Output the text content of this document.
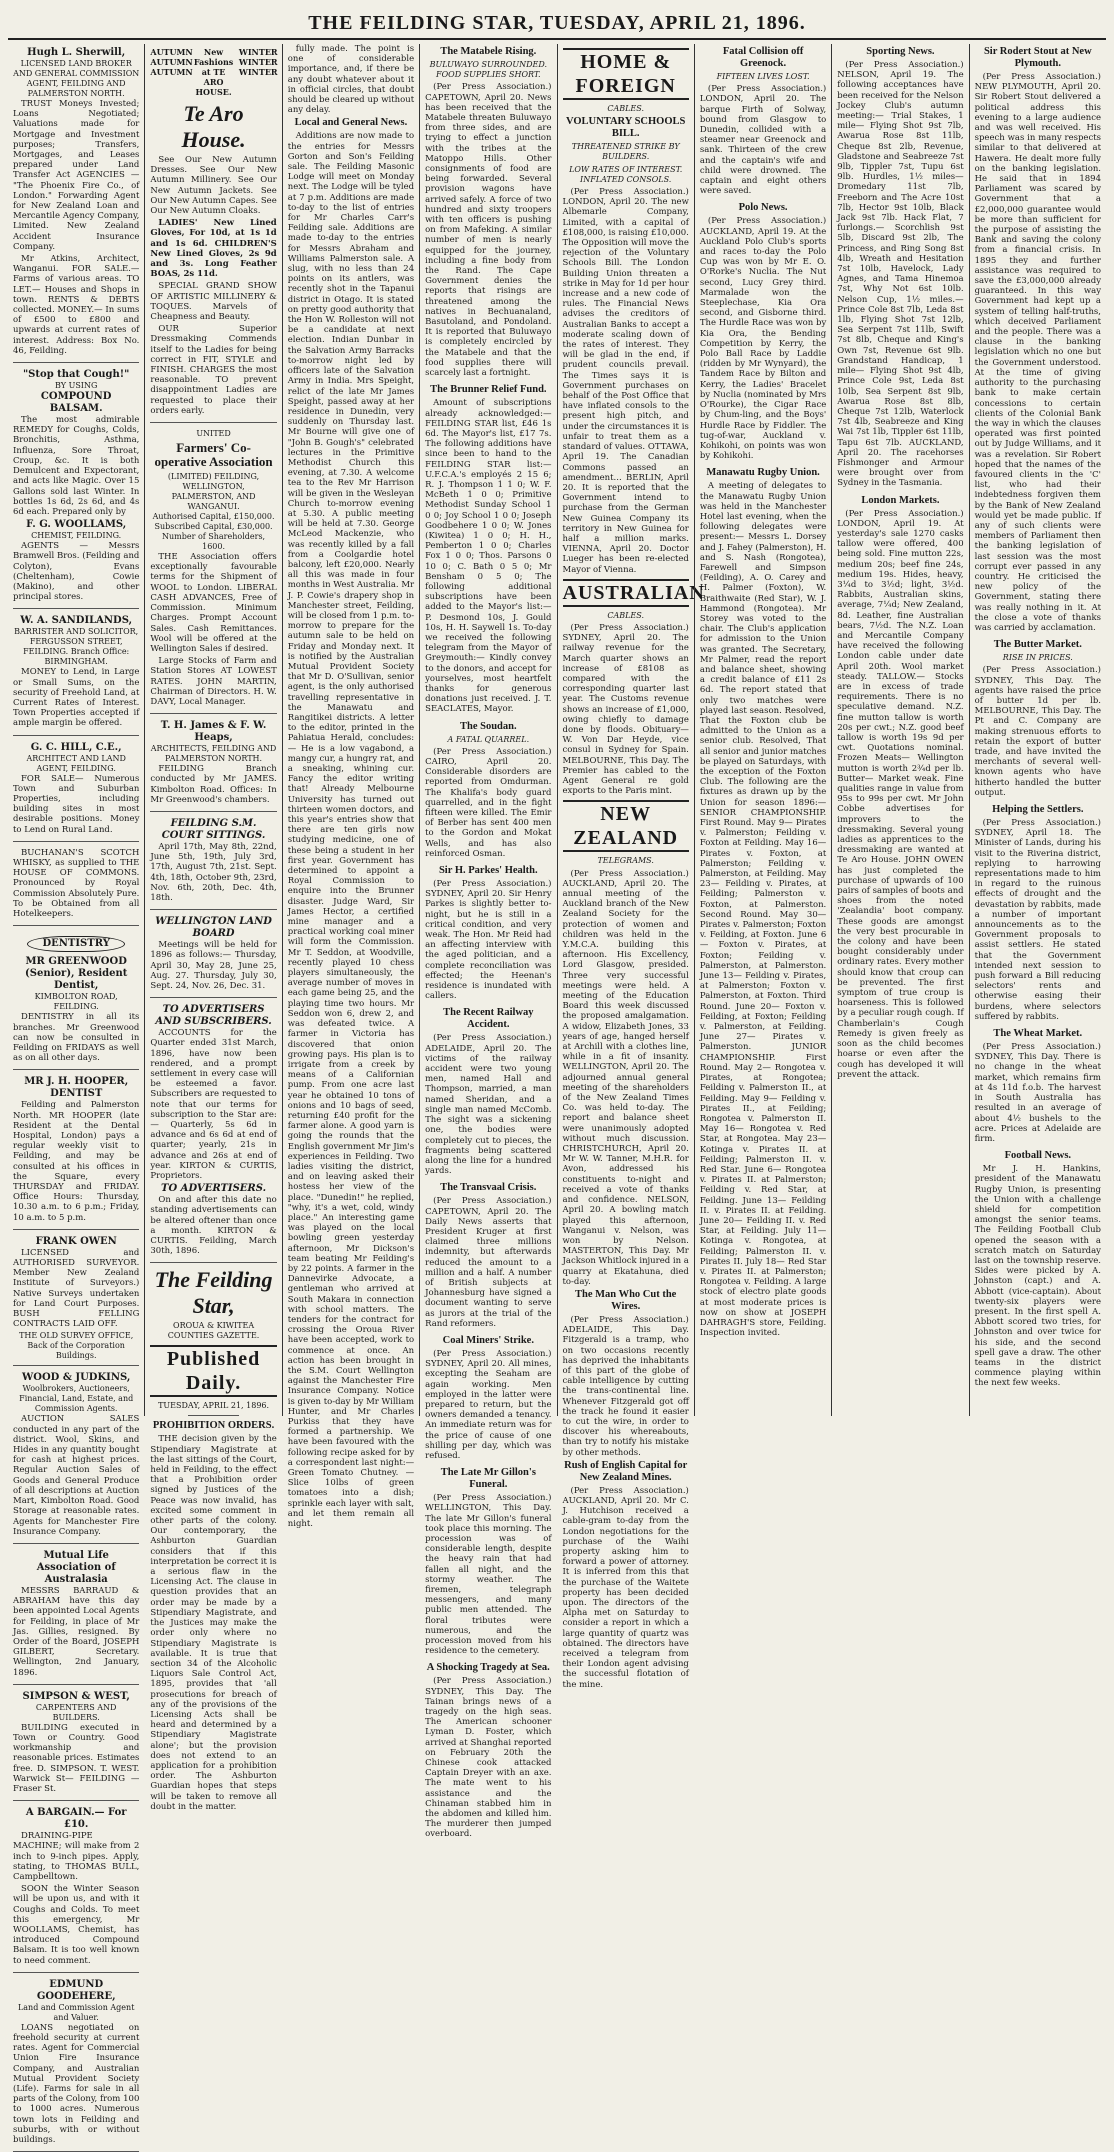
THE FEILDING STAR, TUESDAY, APRIL 21, 1896.
Hugh L. Sherwill,
LICENSED LAND BROKER AND GENERAL COMMISSION AGENT, FEILDING AND PALMERSTON NORTH.

TRUST Moneys Invested; Loans Negotiated; Valuations made for Mortgage and Investment purposes; Transfers, Mortgages, and Leases prepared under Land Transfer Act AGENCIES — "The Phoenix Fire Co., of London." Forwarding Agent for New Zealand Loan and Mercantile Agency Company, Limited. New Zealand Accident Insurance Company.

Mr Atkins, Architect, Wanganui. FOR SALE.— Farms of various areas. TO LET.— Houses and Shops in town. RENTS & DEBTS collected. MONEY.— In sums of £500 to £800 and upwards at current rates of interest. Address: Box No. 46, Feilding.

"Stop that Cough!"
BY USING
COMPOUND BALSAM.

The most admirable REMEDY for Coughs, Colds, Bronchitis, Asthma, Influenza, Sore Throat, Croup, &c. It is both Demulcent and Expectorant, and acts like Magic. Over 15 Gallons sold last Winter. In bottles 1s 6d, 2s 6d, and 4s 6d each. Prepared only by

F. G. WOOLLAMS,
CHEMIST, FEILDING.

AGENTS — Messrs Bramwell Bros. (Feilding and Colyton), Evans (Cheltenham), Cowie (Makino), and other principal stores.

W. A. SANDILANDS,
BARRISTER AND SOLICITOR, FERGUSSON STREET, FEILDING. Branch Office: BIRMINGHAM.

MONEY to Lend, in Large or Small Sums, on the security of Freehold Land, at Current Rates of Interest. Town Properties accepted if ample margin be offered.

G. C. HILL, C.E.,
ARCHITECT AND LAND AGENT, FEILDING.

FOR SALE— Numerous Town and Suburban Properties, including building sites in most desirable positions. Money to Lend on Rural Land.

BUCHANAN'S SCOTCH WHISKY, as supplied to THE HOUSE OF COMMONS. Pronounced by Royal Commission Absolutely Pure. To be Obtained from all Hotelkeepers.

DENTISTRY
MR GREENWOOD (Senior), Resident Dentist,
KIMBOLTON ROAD, FEILDING.

DENTISTRY in all its branches. Mr Greenwood can now be consulted in Feilding on FRIDAYS as well as on all other days.

MR J. H. HOOPER, DENTIST

Feilding and Palmerston North. MR HOOPER (late Resident at the Dental Hospital, London) pays a regular weekly visit to Feilding, and may be consulted at his offices in the Square, every THURSDAY and FRIDAY. Office Hours: Thursday, 10.30 a.m. to 6 p.m.; Friday, 10 a.m. to 5 p.m.

FRANK OWEN

LICENSED and AUTHORISED SURVEYOR. Member New Zealand Institute of Surveyors.) Native Surveys undertaken for Land Court Purposes. BUSH FELLING CONTRACTS LAID OFF.

THE OLD SURVEY OFFICE, Back of the Corporation Buildings.
WOOD & JUDKINS,
Woolbrokers, Auctioneers, Financial, Land, Estate, and Commission Agents.

AUCTION SALES conducted in any part of the district. Wool, Skins, and Hides in any quantity bought for cash at highest prices. Regular Auction Sales of Goods and General Produce of all descriptions at Auction Mart, Kimbolton Road. Good Storage at reasonable rates. Agents for Manchester Fire Insurance Company.

Mutual Life Association of Australasia

MESSRS BARRAUD & ABRAHAM have this day been appointed Local Agents for Feilding, in place of Mr Jas. Gillies, resigned. By Order of the Board, JOSEPH GILBERT, Secretary. Wellington, 2nd January, 1896.

SIMPSON & WEST,
CARPENTERS AND BUILDERS.

BUILDING executed in Town or Country. Good workmanship and reasonable prices. Estimates free. D. SIMPSON. T. WEST. Warwick St— FEILDING — Fraser St.

A BARGAIN.— For £10.

DRAINING-PIPE MACHINE; will make from 2 inch to 9-inch pipes. Apply, stating, to THOMAS BULL, Campbelltown.

SOON the Winter Season will be upon us, and with it Coughs and Colds. To meet this emergency, Mr WOOLLAMS, Chemist, has introduced Compound Balsam. It is too well known to need comment.

EDMUND GOODEHERE,
Land and Commission Agent and Valuer.

LOANS negotiated on freehold security at current rates. Agent for Commercial Union Fire Insurance Company, and Australian Mutual Provident Society (Life). Farms for sale in all parts of the Colony, from 100 to 1000 acres. Numerous town lots in Feilding and suburbs, with or without buildings.

AUTUMN AUTUMN AUTUMN
New Fashions at TE ARO HOUSE.
WINTER WINTER WINTER
Te Aro House.

See Our New Autumn Dresses. See Our New Autumn Millinery. See Our New Autumn Jackets. See Our New Autumn Capes. See Our New Autumn Cloaks.

LADIES' New Lined Gloves, For 10d, at 1s 1d and 1s 6d. CHILDREN'S New Lined Gloves, 2s 9d and 3s. Long Feather BOAS, 2s 11d.

SPECIAL GRAND SHOW OF ARTISTIC MILLINERY & TOQUES. Marvels of Cheapness and Beauty.

OUR Superior Dressmaking Commends itself to the Ladies for being correct in FIT, STYLE and FINISH. CHARGES the most reasonable. TO prevent disappointment Ladies are requested to place their orders early.

UNITED
Farmers' Co-operative Association
(LIMITED) FEILDING, WELLINGTON, PALMERSTON, AND WANGANUI.
Authorised Capital, £150,000. Subscribed Capital, £30,000. Number of Shareholders, 1600.

THE Association offers exceptionally favourable terms for the Shipment of WOOL to London. LIBERAL CASH ADVANCES, Free of Commission. Minimum Charges. Prompt Account Sales. Cash Remittances. Wool will be offered at the Wellington Sales if desired.

Large Stocks of Farm and Station Stores AT LOWEST RATES. JOHN MARTIN, Chairman of Directors. H. W. DAVY, Local Manager.

T. H. James & F. W. Heaps,
ARCHITECTS, FEILDING AND PALMERSTON NORTH.

FEILDING Branch conducted by Mr JAMES. Kimbolton Road. Offices: In Mr Greenwood's chambers.

FEILDING S.M. COURT SITTINGS.

April 17th, May 8th, 22nd, June 5th, 19th, July 3rd, 17th, August 7th, 21st. Sept. 4th, 18th, October 9th, 23rd, Nov. 6th, 20th, Dec. 4th, 18th.

WELLINGTON LAND BOARD

Meetings will be held for 1896 as follows:— Thursday, April 30, May 28, June 25, Aug. 27. Thursday, July 30, Sept. 24, Nov. 26, Dec. 31.

TO ADVERTISERS AND SUBSCRIBERS.

ACCOUNTS for the Quarter ended 31st March, 1896, have now been rendered, and a prompt settlement in every case will be esteemed a favor. Subscribers are requested to note that our terms for subscription to the Star are:— Quarterly, 5s 6d in advance and 6s 6d at end of quarter; yearly, 21s in advance and 26s at end of year. KIRTON & CURTIS, Proprietors.

TO ADVERTISERS.

On and after this date no standing advertisements can be altered oftener than once a month. KIRTON & CURTIS. Feilding, March 30th, 1896.

The Feilding Star,
OROUA & KIWITEA COUNTIES GAZETTE.
Published Daily.
TUESDAY, APRIL 21, 1896.
PROHIBITION ORDERS.

THE decision given by the Stipendiary Magistrate at the last sittings of the Court, held in Feilding, to the effect that a Prohibition order signed by Justices of the Peace was now invalid, has excited some comment in other parts of the colony. Our contemporary, the Ashburton Guardian considers that if this interpretation be correct it is a serious flaw in the Licensing Act. The clause in question provides that an order may be made by a Stipendiary Magistrate, and the Justices may make the order only where no Stipendiary Magistrate is available. It is true that section 34 of the Alcoholic Liquors Sale Control Act, 1895, provides that 'all prosecutions for breach of any of the provisions of the Licensing Acts shall be heard and determined by a Stipendiary Magistrate alone'; but the provision does not extend to an application for a prohibition order. The Ashburton Guardian hopes that steps will be taken to remove all doubt in the matter.

fully made. The point is one of considerable importance, and, if there be any doubt whatever about it in official circles, that doubt should be cleared up without any delay.

Local and General News.

Additions are now made to the entries for Messrs Gorton and Son's Feilding sale. The Feilding Masonic Lodge will meet on Monday next. The Lodge will be tyled at 7 p.m. Additions are made to-day to the list of entries for Mr Charles Carr's Feilding sale. Additions are made to-day to the entries for Messrs Abraham and Williams Palmerston sale. A slug, with no less than 24 points on its antlers, was recently shot in the Tapanui district in Otago. It is stated on pretty good authority that the Hon W. Rolleston will not be a candidate at next election. Indian Dunbar in the Salvation Army Barracks to-morrow night led by officers late of the Salvation Army in India. Mrs Speight, relict of the late Mr James Speight, passed away at her residence in Dunedin, very suddenly on Thursday last. Mr Bourne will give one of "John B. Gough's" celebrated lectures in the Primitive Methodist Church this evening, at 7.30. A welcome tea to the Rev Mr Harrison will be given in the Wesleyan Church to-morrow evening at 5.30. A public meeting will be held at 7.30. George McLeod Mackenzie, who was recently killed by a fall from a Coolgardie hotel balcony, left £20,000. Nearly all this was made in four months in West Australia. Mr J. P. Cowie's drapery shop in Manchester street, Feilding, will be closed from 1 p.m. to-morrow to prepare for the autumn sale to be held on Friday and Monday next. It is notified by the Australian Mutual Provident Society that Mr D. O'Sullivan, senior agent, is the only authorised travelling representative in the Manawatu and Rangitikei districts. A letter to the editor, printed in the Pahiatua Herald, concludes:— He is a low vagabond, a mangy cur, a hungry rat, and a sneaking, whining cur. Fancy the editor writing that! Already Melbourne University has turned out thirteen women doctors, and this year's entries show that there are ten girls now studying medicine, one of these being a student in her first year. Government has determined to appoint a Royal Commission to enquire into the Brunner disaster. Judge Ward, Sir James Hector, a certified mine manager and a practical working coal miner will form the Commission. Mr T. Seddon, at Woodville, recently played 10 chess players simultaneously, the average number of moves in each game being 25, and the playing time two hours. Mr Seddon won 6, drew 2, and was defeated twice. A farmer in Victoria has discovered that onion growing pays. His plan is to irrigate from a creek by means of a Californian pump. From one acre last year he obtained 10 tons of onions and 10 bags of seed, returning £40 profit for the farmer alone. A good yarn is going the rounds that the English government Mr Jim's experiences in Feilding. Two ladies visiting the district, and on leaving asked their hostess her view of the place. "Dunedin!" he replied, "why, it's a wet, cold, windy place." An interesting game was played on the local bowling green yesterday afternoon, Mr Dickson's team beating Mr Feilding's by 22 points. A farmer in the Dannevirke Advocate, a gentleman who arrived at South Makara in connection with school matters. The tenders for the contract for crossing the Oroua River have been accepted, work to commence at once. An action has been brought in the S.M. Court Wellington against the Manchester Fire Insurance Company. Notice is given to-day by Mr William Hunter, and Mr Charles Purkiss that they have formed a partnership. We have been favoured with the following recipe asked for by a correspondent last night:— Green Tomato Chutney. — Slice 10lbs of green tomatoes into a dish; sprinkle each layer with salt, and let them remain all night.

The Matabele Rising.
BULUWAYO SURROUNDED. FOOD SUPPLIES SHORT.

(Per Press Association.) CAPETOWN, April 20. News has been received that the Matabele threaten Buluwayo from three sides, and are trying to effect a junction with the tribes at the Matoppo Hills. Other consignments of food are being forwarded. Several provision wagons have arrived safely. A force of two hundred and sixty troopers with ten officers is pushing on from Mafeking. A similar number of men is nearly equipped for the journey, including a fine body from the Rand. The Cape Government denies the reports that risings are threatened among the natives in Bechuanaland, Basutoland, and Pondoland. It is reported that Buluwayo is completely encircled by the Matabele and that the food supplies there will scarcely last a fortnight.

The Brunner Relief Fund.

Amount of subscriptions already acknowledged:— FEILDING STAR list, £46 1s 6d. The Mayor's list, £17 7s. The following additions have since been to hand to the FEILDING STAR list:— U.F.C.A.'s employés 2 15 6; R. J. Thompson 1 1 0; W. F. McBeth 1 0 0; Primitive Methodist Sunday School 1 0 0; Joy School 1 0 0; Joseph Goodbehere 1 0 0; W. Jones (Kiwitea) 1 0 0; H. H., Pemberton 1 0 0; Charles Fox 1 0 0; Thos. Parsons 0 10 0; C. Bath 0 5 0; Mr Bensham 0 5 0; The following additional subscriptions have been added to the Mayor's list:— P. Desmond 10s, J. Gould 10s, H. H. Saywell 1s. To-day we received the following telegram from the Mayor of Greymouth:— Kindly convey to the donors, and accept for yourselves, most heartfelt thanks for generous donations just received. J. T. SEACLATES, Mayor.

The Soudan.
A FATAL QUARREL.

(Per Press Association.) CAIRO, April 20. Considerable disorders are reported from Omdurman. The Khalifa's body guard quarrelled, and in the fight fifteen were killed. The Emir of Berber has sent 400 men to the Gordon and Mokat Wells, and has also reinforced Osman.

Sir H. Parkes' Health.

(Per Press Association.) SYDNEY, April 20. Sir Henry Parkes is slightly better to-night, but he is still in a critical condition, and very weak. The Hon. Mr Reid had an affecting interview with the aged politician, and a complete reconciliation was effected; the Heenan's residence is inundated with callers.

The Recent Railway Accident.

(Per Press Association.) ADELAIDE, April 20. The victims of the railway accident were two young men, named Hall and Thompson, married, a man named Sheridan, and a single man named McComb. The sight was a sickening one, the bodies were completely cut to pieces, the fragments being scattered along the line for a hundred yards.

The Transvaal Crisis.

(Per Press Association.) CAPETOWN, April 20. The Daily News asserts that President Kruger at first claimed three millions indemnity, but afterwards reduced the amount to a million and a half. A number of British subjects at Johannesburg have signed a document wanting to serve as jurors at the trial of the Rand reformers.

Coal Miners' Strike.

(Per Press Association.) SYDNEY, April 20. All mines, excepting the Seaham are again working. Men employed in the latter were prepared to return, but the owners demanded a tenancy. An immediate return was for the price of cause of one shilling per day, which was refused.

The Late Mr Gillon's Funeral.

(Per Press Association.) WELLINGTON, This Day. The late Mr Gillon's funeral took place this morning. The procession was of considerable length, despite the heavy rain that had fallen all night, and the stormy weather. The firemen, telegraph messengers, and many public men attended. The floral tributes were numerous, and the procession moved from his residence to the cemetery.

A Shocking Tragedy at Sea.

(Per Press Association.) SYDNEY, This Day. The Tainan brings news of a tragedy on the high seas. The American schooner Lyman D. Foster, which arrived at Shanghai reported on February 20th the Chinese cook attacked Captain Dreyer with an axe. The mate went to his assistance and the Chinaman stabbed him in the abdomen and killed him. The murderer then jumped overboard.

HOME & FOREIGN
CABLES.
VOLUNTARY SCHOOLS BILL.
THREATENED STRIKE BY BUILDERS.
LOW RATES OF INTEREST. INFLATED CONSOLS.

(Per Press Association.) LONDON, April 20. The new Albemarle Company, Limited, with a capital of £108,000, is raising £10,000. The Opposition will move the rejection of the Voluntary Schools Bill. The London Building Union threaten a strike in May for 1d per hour increase and a new code of rules. The Financial News advises the creditors of Australian Banks to accept a moderate scaling down of the rates of interest. They will be glad in the end, if prudent councils prevail. The Times says it is Government purchases on behalf of the Post Office that have inflated consols to the present high pitch, and under the circumstances it is unfair to treat them as a standard of values. OTTAWA, April 19. The Canadian Commons passed an amendment... BERLIN, April 20. It is reported that the Government intend to purchase from the German New Guinea Company its territory in New Guinea for half a million marks. VIENNA, April 20. Doctor Lueger has been re-elected Mayor of Vienna.

AUSTRALIAN
CABLES.

(Per Press Association.) SYDNEY, April 20. The railway revenue for the March quarter shows an increase of £8108 as compared with the corresponding quarter last year. The Customs revenue shows an increase of £1,000, owing chiefly to damage done by floods. Obituary— W. Von Dar Heyde, vice consul in Sydney for Spain. MELBOURNE, This Day. The Premier has cabled to the Agent General re gold exports to the Paris mint.

NEW ZEALAND
TELEGRAMS.

(Per Press Association.) AUCKLAND, April 20. The annual meeting of the Auckland branch of the New Zealand Society for the protection of women and children was held in the Y.M.C.A. building this afternoon. His Excellency, Lord Glasgow, presided. Three very successful meetings were held. A meeting of the Education Board this week discussed the proposed amalgamation. A widow, Elizabeth Jones, 33 years of age, hanged herself at Archill with a clothes line, while in a fit of insanity. WELLINGTON, April 20. The adjourned annual general meeting of the shareholders of the New Zealand Times Co. was held to-day. The report and balance sheet were unanimously adopted without much discussion. CHRISTCHURCH, April 20. Mr W. W. Tanner, M.H.R. for Avon, addressed his constituents to-night and received a vote of thanks and confidence. NELSON, April 20. A bowling match played this afternoon, Wanganui v. Nelson, was won by Nelson. MASTERTON, This Day. Mr Jackson Whitlock injured in a quarry at Ekatahuna, died to-day.

The Man Who Cut the Wires.

(Per Press Association.) ADELAIDE, This Day. Fitzgerald is a tramp, who on two occasions recently has deprived the inhabitants of this part of the globe of cable intelligence by cutting the trans-continental line. Whenever Fitzgerald got off the track he found it easier to cut the wire, in order to discover his whereabouts, than try to notify his mistake by other methods.

Rush of English Capital for New Zealand Mines.

(Per Press Association.) AUCKLAND, April 20. Mr C. J. Hutchison received a cable-gram to-day from the London negotiations for the purchase of the Waihi property asking him to forward a power of attorney. It is inferred from this that the purchase of the Waitete property has been decided upon. The directors of the Alpha met on Saturday to consider a report in which a large quantity of quartz was obtained. The directors have received a telegram from their London agent advising the successful flotation of the mine.

Fatal Collision off Greenock.
FIFTEEN LIVES LOST.

(Per Press Association.) LONDON, April 20. The barque Firth of Solway, bound from Glasgow to Dunedin, collided with a steamer near Greenock and sank. Thirteen of the crew and the captain's wife and child were drowned. The captain and eight others were saved.

Polo News.

(Per Press Association.) AUCKLAND, April 19. At the Auckland Polo Club's sports and races to-day the Polo Cup was won by Mr E. O. O'Rorke's Nuclia. The Nut second, Lucy Grey third. Marmalade won the Steeplechase, Kia Ora second, and Gisborne third. The Hurdle Race was won by Kia Ora, the Bending Competition by Kerry, the Polo Ball Race by Laddie (ridden by Mr Wynyard), the Tandem Race by Bilton and Kerry, the Ladies' Bracelet by Nuclia (nominated by Mrs O'Rourke), the Cigar Race by Chum-ling, and the Boys' Hurdle Race by Fiddler. The tug-of-war, Auckland v. Kohikohi, on points was won by Kohikohi.

Manawatu Rugby Union.

A meeting of delegates to the Manawatu Rugby Union was held in the Manchester Hotel last evening, when the following delegates were present:— Messrs L. Dorsey and J. Fahey (Palmerston), H. and S. Nash (Rongotea), Farewell and Simpson (Feilding), A. O. Carey and H. Palmer (Foxton), W. Braithwaite (Red Star), W. J. Hammond (Rongotea). Mr Storey was voted to the chair. The Club's application for admission to the Union was granted. The Secretary, Mr Palmer, read the report and balance sheet, showing a credit balance of £11 2s 6d. The report stated that only two matches were played last season. Resolved, That the Foxton club be admitted to the Union as a senior club. Resolved, That all senior and junior matches be played on Saturdays, with the exception of the Foxton Club. The following are the fixtures as drawn up by the Union for season 1896:— SENIOR CHAMPIONSHIP. First Round. May 9— Pirates v. Palmerston; Feilding v. Foxton at Feilding. May 16— Pirates v. Foxton, at Palmerston; Feilding v. Palmerston, at Feilding. May 23— Feilding v. Pirates, at Feilding; Palmerston v. Foxton, at Palmerston. Second Round. May 30— Pirates v. Palmerston; Foxton v. Feilding, at Foxton. June 6— Foxton v. Pirates, at Foxton; Feilding v. Palmerston, at Palmerston. June 13— Feilding v. Pirates, at Palmerston; Foxton v. Palmerston, at Foxton. Third Round. June 20— Foxton v. Feilding, at Foxton; Feilding v. Palmerston, at Feilding. June 27— Pirates v. Palmerston. JUNIOR CHAMPIONSHIP. First Round. May 2— Rongotea v. Pirates, at Rongotea; Feilding v. Palmerston II., at Feilding. May 9— Feilding v. Pirates II., at Feilding; Rongotea v. Palmerston II. May 16— Rongotea v. Red Star, at Rongotea. May 23— Kotinga v. Pirates II. at Feilding; Palmerston II. v. Red Star. June 6— Rongotea v. Pirates II. at Palmerston; Feilding v. Red Star, at Feilding. June 13— Feilding II. v. Pirates II. at Feilding. June 20— Feilding II. v. Red Star, at Feilding. July 11— Kotinga v. Rongotea, at Feilding; Palmerston II. v. Pirates II. July 18— Red Star v. Pirates II. at Palmerston; Rongotea v. Feilding. A large stock of electro plate goods at most moderate prices is now on show at JOSEPH DAHRAGH'S store, Feilding. Inspection invited.

Sporting News.

(Per Press Association.) NELSON, April 19. The following acceptances have been received for the Nelson Jockey Club's autumn meeting:— Trial Stakes, 1 mile— Flying Shot 9st 7lb, Awarua Rose 8st 11lb, Cheque 8st 2lb, Revenue, Gladstone and Seabreeze 7st 9lb, Tippler 7st, Tupu 6st 9lb. Hurdles, 1½ miles— Dromedary 11st 7lb, Freeborn and The Acre 10st 7lb, Hector 9st 10lb, Black Jack 9st 7lb. Hack Flat, 7 furlongs.— Scorchlish 9st 5lb, Discard 9st 2lb, The Princess, and Ring Song 8st 4lb, Wreath and Hesitation 7st 10lb, Havelock, Lady Agnes, and Tama Hinemoa 7st, Why Not 6st 10lb. Nelson Cup, 1½ miles.— Prince Cole 8st 7lb, Leda 8st 1lb, Flying Shot 7st 12lb, Sea Serpent 7st 11lb, Swift 7st 8lb, Cheque and King's Own 7st, Revenue 6st 9lb. Grandstand Handicap, 1 mile— Flying Shot 9st 4lb, Prince Cole 9st, Leda 8st 10lb, Sea Serpent 8st 9lb, Awarua Rose 8st 8lb, Cheque 7st 12lb, Waterlock 7st 4lb, Seabreeze and King Wai 7st 1lb, Tippler 6st 11lb, Tapu 6st 7lb. AUCKLAND, April 20. The racehorses Fishmonger and Armour were brought over from Sydney in the Tasmania.

London Markets.

(Per Press Association.) LONDON, April 19. At yesterday's sale 1270 casks tallow were offered, 400 being sold. Fine mutton 22s, medium 20s; beef fine 24s, medium 19s. Hides, heavy, 3¼d to 3½d; light, 3½d. Rabbits, Australian skins, average, 7¼d; New Zealand, 8d. Leather, fine Australian bears, 7½d. The N.Z. Loan and Mercantile Company have received the following London cable under date April 20th. Wool market steady. TALLOW.— Stocks are in excess of trade requirements. There is no speculative demand. N.Z. fine mutton tallow is worth 20s per cwt.; N.Z. good beef tallow is worth 19s 9d per cwt. Quotations nominal. Frozen Meats— Wellington mutton is worth 2¾d per lb. Butter— Market weak. Fine qualities range in value from 95s to 99s per cwt. Mr John Cobbe advertises for improvers to the dressmaking. Several young ladies as apprentices to the dressmaking are wanted at Te Aro House. JOHN OWEN has just completed the purchase of upwards of 100 pairs of samples of boots and shoes from the noted 'Zealandia' boot company. These goods are amongst the very best procurable in the colony and have been bought considerably under ordinary rates. Every mother should know that croup can be prevented. The first symptom of true croup is hoarseness. This is followed by a peculiar rough cough. If Chamberlain's Cough Remedy is given freely as soon as the child becomes hoarse or even after the cough has developed it will prevent the attack.

Sir Rodert Stout at New Plymouth.

(Per Press Association.) NEW PLYMOUTH, April 20. Sir Robert Stout delivered a political address this evening to a large audience and was well received. His speech was in many respects similar to that delivered at Hawera. He dealt more fully on the banking legislation. He said that in 1894 Parliament was scared by Government that a £2,000,000 guarantee would be more than sufficient for the purpose of assisting the Bank and saving the colony from a financial crisis. In 1895 they and further assistance was required to save the £3,000,000 already guaranteed. In this way Government had kept up a system of telling half-truths, which deceived Parliament and the people. There was a clause in the banking legislation which no one but the Government understood. At the time of giving authority to the purchasing bank to make certain concessions to certain clients of the Colonial Bank the way in which the clauses operated was first pointed out by Judge Williams, and it was a revelation. Sir Robert hoped that the names of the favoured clients in the 'C' list, who had their indebtedness forgiven them by the Bank of New Zealand would yet be made public. If any of such clients were members of Parliament then the banking legislation of last session was the most corrupt ever passed in any country. He criticised the new policy of the Government, stating there was really nothing in it. At the close a vote of thanks was carried by acclamation.

The Butter Market.
RISE IN PRICES.

(Per Press Association.) SYDNEY, This Day. The agents have raised the price of butter 1d per lb. MELBOURNE, This Day. The Pt and C. Company are making strenuous efforts to retain the export of butter trade, and have invited the merchants of several well-known agents who have hitherto handled the butter output.

Helping the Settlers.

(Per Press Association.) SYDNEY, April 18. The Minister of Lands, during his visit to the Riverina district, replying to harrowing representations made to him in regard to the ruinous effects of drought and the devastation by rabbits, made a number of important announcements as to the Government proposals to assist settlers. He stated that the Government intended next session to push forward a Bill reducing selectors' rents and otherwise easing their burdens, where selectors suffered by rabbits.

The Wheat Market.

(Per Press Association.) SYDNEY, This Day. There is no change in the wheat market, which remains firm at 4s 11d f.o.b. The harvest in South Australia has resulted in an average of about 4½ bushels to the acre. Prices at Adelaide are firm.

Football News.

Mr J. H. Hankins, president of the Manawatu Rugby Union, is presenting the Union with a challenge shield for competition amongst the senior teams. The Feilding Football Club opened the season with a scratch match on Saturday last on the township reserve. Sides were picked by A. Johnston (capt.) and A. Abbott (vice-captain). About twenty-six players were present. In the first spell A. Abbott scored two tries, for Johnston and over twice for his side, and the second spell gave a draw. The other teams in the district commence playing within the next few weeks.
